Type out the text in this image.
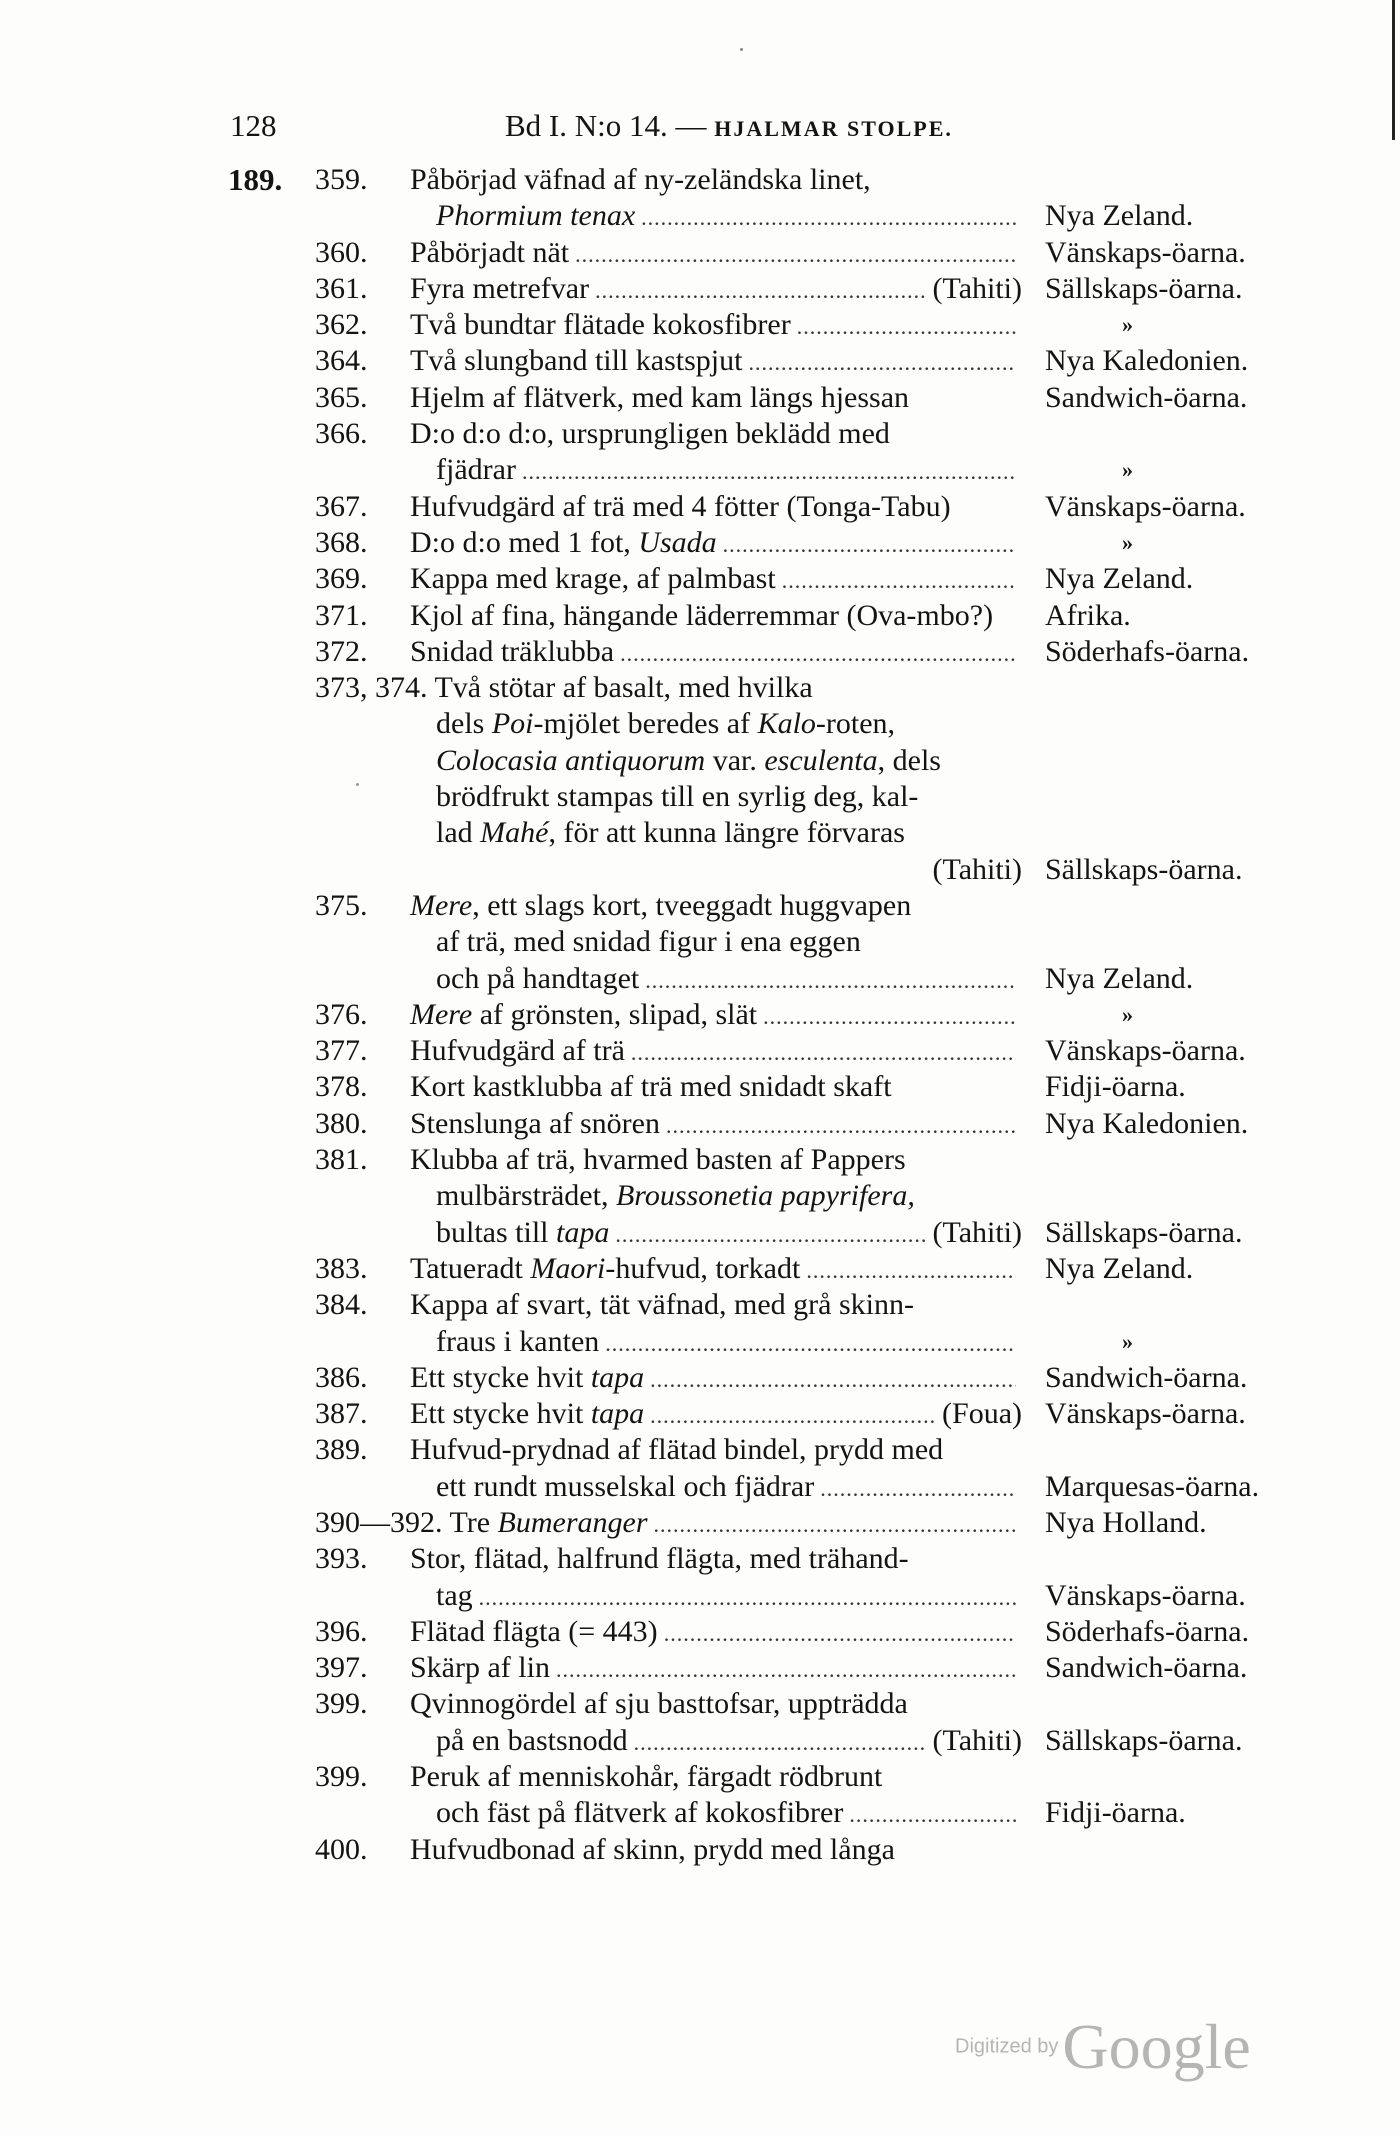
128	Bd I. N:o 14. — HJALMAR STOLPE.
189. 359. Påbörjad väfnad af ny-zeländska linet,
Phormium tenax .....	Nya Zeland.
360. Påbörjadt nät .....	Vänskaps-öarna.
361. Fyra metrefvar .....	(Tahiti) Sällskaps-öarna.
362. Två bundtar flätade kokosfibrer .....	»
364. Två slungband till kastspjut .....	Nya Kaledonien.
365. Hjelm af flätverk, med kam längs hjessan	Sandwich-öarna.
366. D:o d:o d:o, ursprungligen beklädd med
fjädrar .....	»
367. Hufvudgärd af trä med 4 fötter (Tonga-Tabu)	Vänskaps-öarna.
368. D:o d:o med 1 fot, Usada .....	»
369. Kappa med krage, af palmbast .....	Nya Zeland.
371. Kjol af fina, hängande läderremmar (Ova-mbo?) Afrika.
372. Snidad träklubba .....	Söderhafs-öarna.
373, 374. Två stötar af basalt, med hvilka
dels Poi-mjölet beredes af Kalo-roten,
Colocasia antiquorum var. esculenta, dels
brödfrukt stampas till en syrlig deg, kal-
lad Mahé, för att kunna längre förvaras
(Tahiti) Sällskaps-öarna.
375. Mere, ett slags kort, tveeggadt huggvapen
af trä, med snidad figur i ena eggen
och på handtaget .....	Nya Zeland.
376. Mere af grönsten, slipad, slät .....	»
377. Hufvudgärd af trä .....	Vänskaps-öarna.
378. Kort kastklubba af trä med snidadt skaft	Fidji-öarna.
380. Stenslunga af snören .....	Nya Kaledonien.
381. Klubba af trä, hvarmed basten af Pappers
mulbärsträdet, Broussonetia papyrifera,
bultas till tapa .....	(Tahiti) Sällskaps-öarna.
383. Tatueradt Maori-hufvud, torkadt .....	Nya Zeland.
384. Kappa af svart, tät väfnad, med grå skinn-
fraus i kanten .....	»
386. Ett stycke hvit tapa .....	Sandwich-öarna.
387. Ett stycke hvit tapa .....	(Foua) Vänskaps-öarna.
389. Hufvud-prydnad af flätad bindel, prydd med
ett rundt musselskal och fjädrar .....	Marquesas-öarna.
390—392. Tre Bumeranger .....	Nya Holland.
393. Stor, flätad, halfrund flägta, med trähand-
tag .....	Vänskaps-öarna.
396. Flätad flägta (= 443) .....	Söderhafs-öarna.
397. Skärp af lin .....	Sandwich-öarna.
399. Qvinnogördel af sju basttofsar, uppträdda
på en bastsnodd .....	(Tahiti) Sällskaps-öarna.
399. Peruk af menniskohår, färgadt rödbrunt
och fäst på flätverk af kokosfibrer .....	Fidji-öarna.
400. Hufvudbonad af skinn, prydd med långa
Digitized byGoogle
